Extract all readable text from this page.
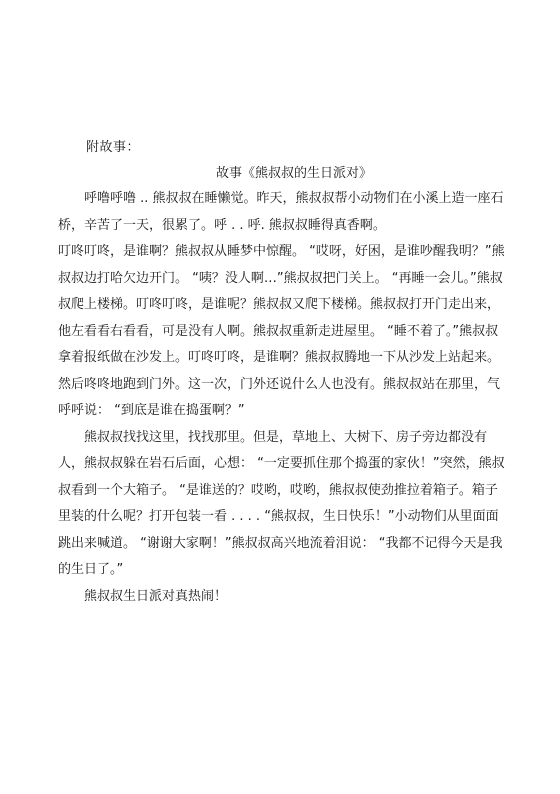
附故事：
故事《熊叔叔的生日派对》

呼噜呼噜 .. 熊叔叔在睡懒觉。昨天，熊叔叔帮小动物们在小溪上造一座石桥，辛苦了一天，很累了。呼 . . 呼. 熊叔叔睡得真香啊。

叮咚叮咚，是谁啊？熊叔叔从睡梦中惊醒。 “哎呀，好困，是谁吵醒我明？”熊叔叔边打哈欠边开门。 “咦？没人啊…”熊叔叔把门关上。 “再睡一会儿。”熊叔叔爬上楼梯。叮咚叮咚，是谁呢？熊叔叔又爬下楼梯。熊叔叔打开门走出来，他左看看右看看，可是没有人啊。熊叔叔重新走进屋里。 “睡不着了。”熊叔叔拿着报纸做在沙发上。叮咚叮咚，是谁啊？熊叔叔腾地一下从沙发上站起来。然后咚咚地跑到门外。这一次，门外还说什么人也没有。熊叔叔站在那里，气呼呼说： “到底是谁在捣蛋啊？”

熊叔叔找找这里，找找那里。但是，草地上、大树下、房子旁边都没有人，熊叔叔躲在岩石后面，心想： “一定要抓住那个捣蛋的家伙！”突然，熊叔叔看到一个大箱子。 “是谁送的？哎哟，哎哟，熊叔叔使劲推拉着箱子。箱子里装的什么呢？打开包装一看 . . . . “熊叔叔，生日快乐！”小动物们从里面面跳出来喊道。 “谢谢大家啊！”熊叔叔高兴地流着泪说： “我都不记得今天是我的生日了。”

熊叔叔生日派对真热闹！
